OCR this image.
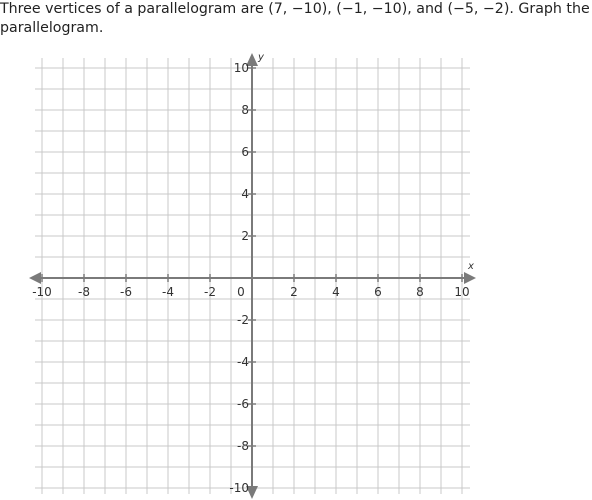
Three vertices of a parallelogram are (7, −10), (−1, −10), and (−5, −2). Graph the parallelogram.

-10 -8	-6	-4	-2 0	2	4	6	8	10
10
8
6
4
2
-2
-4
-6
-8
-10
x
y
